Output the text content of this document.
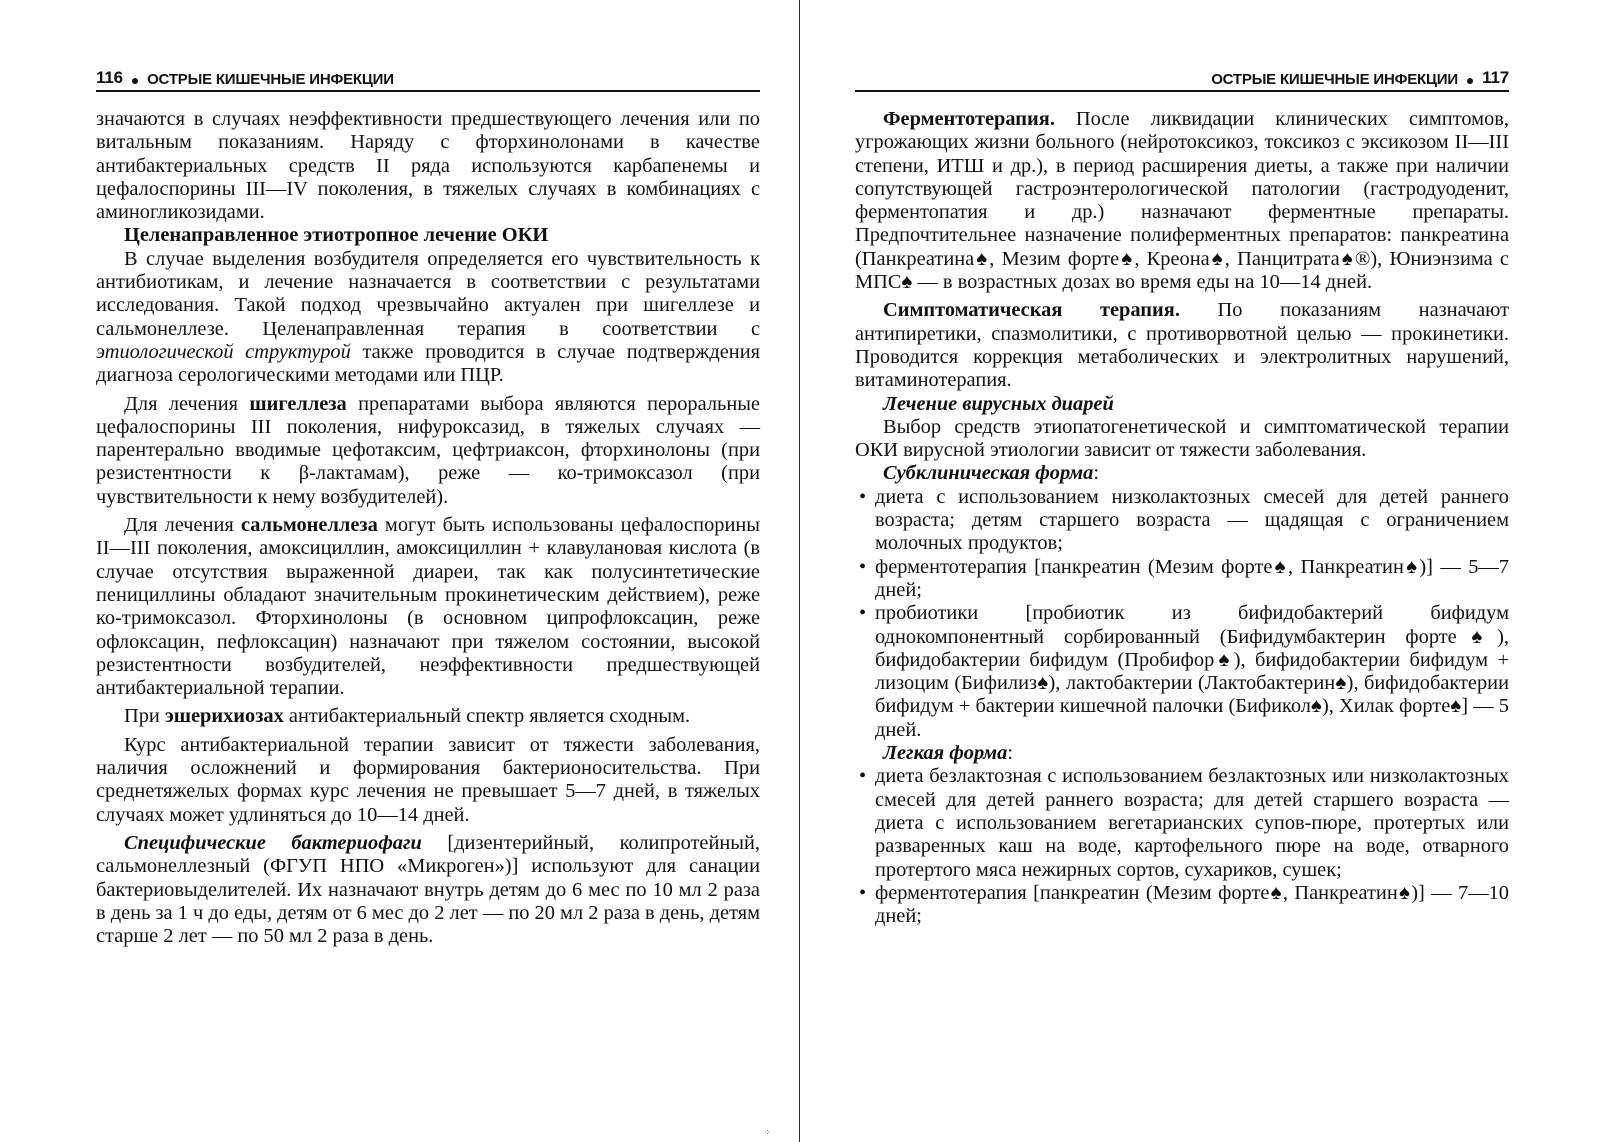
116 ● ОСТРЫЕ КИШЕЧНЫЕ ИНФЕКЦИИ

значаются в случаях неэффективности предшествующего лечения или по витальным показаниям. Наряду с фторхинолонами в качестве антибактериальных средств II ряда используются карбапенемы и цефалоспорины III—IV поколения, в тяжелых случаях в комбинациях с аминогликозидами.

Целенаправленное этиотропное лечение ОКИ

В случае выделения возбудителя определяется его чувствительность к антибиотикам, и лечение назначается в соответствии с результатами исследования. Такой подход чрезвычайно актуален при шигеллезе и сальмонеллезе. Целенаправленная терапия в соответствии с этиологической структурой также проводится в случае подтверждения диагноза серологическими методами или ПЦР.

Для лечения шигеллеза препаратами выбора являются пероральные цефалоспорины III поколения, нифуроксазид, в тяжелых случаях — парентерально вводимые цефотаксим, цефтриаксон, фторхинолоны (при резистентности к β-лактамам), реже — ко-тримоксазол (при чувствительности к нему возбудителей).

Для лечения сальмонеллеза могут быть использованы цефалоспорины II—III поколения, амоксициллин, амоксициллин + клавулановая кислота (в случае отсутствия выраженной диареи, так как полусинтетические пенициллины обладают значительным прокинетическим действием), реже ко-тримоксазол. Фторхинолоны (в основном ципрофлоксацин, реже офлоксацин, пефлоксацин) назначают при тяжелом состоянии, высокой резистентности возбудителей, неэффективности предшествующей антибактериальной терапии.

При эшерихиозах антибактериальный спектр является сходным.

Курс антибактериальной терапии зависит от тяжести заболевания, наличия осложнений и формирования бактерионосительства. При среднетяжелых формах курс лечения не превышает 5—7 дней, в тяжелых случаях может удлиняться до 10—14 дней.

Специфические бактериофаги [дизентерийный, колипротейный, сальмонеллезный (ФГУП НПО «Микроген»)] используют для санации бактериовыделителей. Их назначают внутрь детям до 6 мес по 10 мл 2 раза в день за 1 ч до еды, детям от 6 мес до 2 лет — по 20 мл 2 раза в день, детям старше 2 лет — по 50 мл 2 раза в день.

ОСТРЫЕ КИШЕЧНЫЕ ИНФЕКЦИИ ● 117

Ферментотерапия. После ликвидации клинических симптомов, угрожающих жизни больного (нейротоксикоз, токсикоз с эксикозом II—III степени, ИТШ и др.), в период расширения диеты, а также при наличии сопутствующей гастроэнтерологической патологии (гастродуоденит, ферментопатия и др.) назначают ферментные препараты. Предпочтительнее назначение полиферментных препаратов: панкреатина (Панкреатина♠, Мезим форте♠, Креона♠, Панцитрата♠®), Юниэнзима с МПС♠ — в возрастных дозах во время еды на 10—14 дней.

Симптоматическая терапия. По показаниям назначают антипиретики, спазмолитики, с противорвотной целью — прокинетики. Проводится коррекция метаболических и электролитных нарушений, витаминотерапия.

Лечение вирусных диарей

Выбор средств этиопатогенетической и симптоматической терапии ОКИ вирусной этиологии зависит от тяжести заболевания.

Субклиническая форма:

• диета с использованием низколактозных смесей для детей раннего возраста; детям старшего возраста — щадящая с ограничением молочных продуктов;
• ферментотерапия [панкреатин (Мезим форте♠, Панкреатин♠)] — 5—7 дней;
• пробиотики [пробиотик из бифидобактерий бифидум однокомпонентный сорбированный (Бифидумбактерин форте♠), бифидобактерии бифидум (Пробифор♠), бифидобактерии бифидум + лизоцим (Бифилиз♠), лактобактерии (Лактобактерин♠), бифидобактерии бифидум + бактерии кишечной палочки (Бификол♠), Хилак форте♠] — 5 дней.

Легкая форма:

• диета безлактозная с использованием безлактозных или низколактозных смесей для детей раннего возраста; для детей старшего возраста — диета с использованием вегетарианских супов-пюре, протертых или разваренных каш на воде, картофельного пюре на воде, отварного протертого мяса нежирных сортов, сухариков, сушек;
• ферментотерапия [панкреатин (Мезим форте♠, Панкреатин♠)] — 7—10 дней;
⁘
